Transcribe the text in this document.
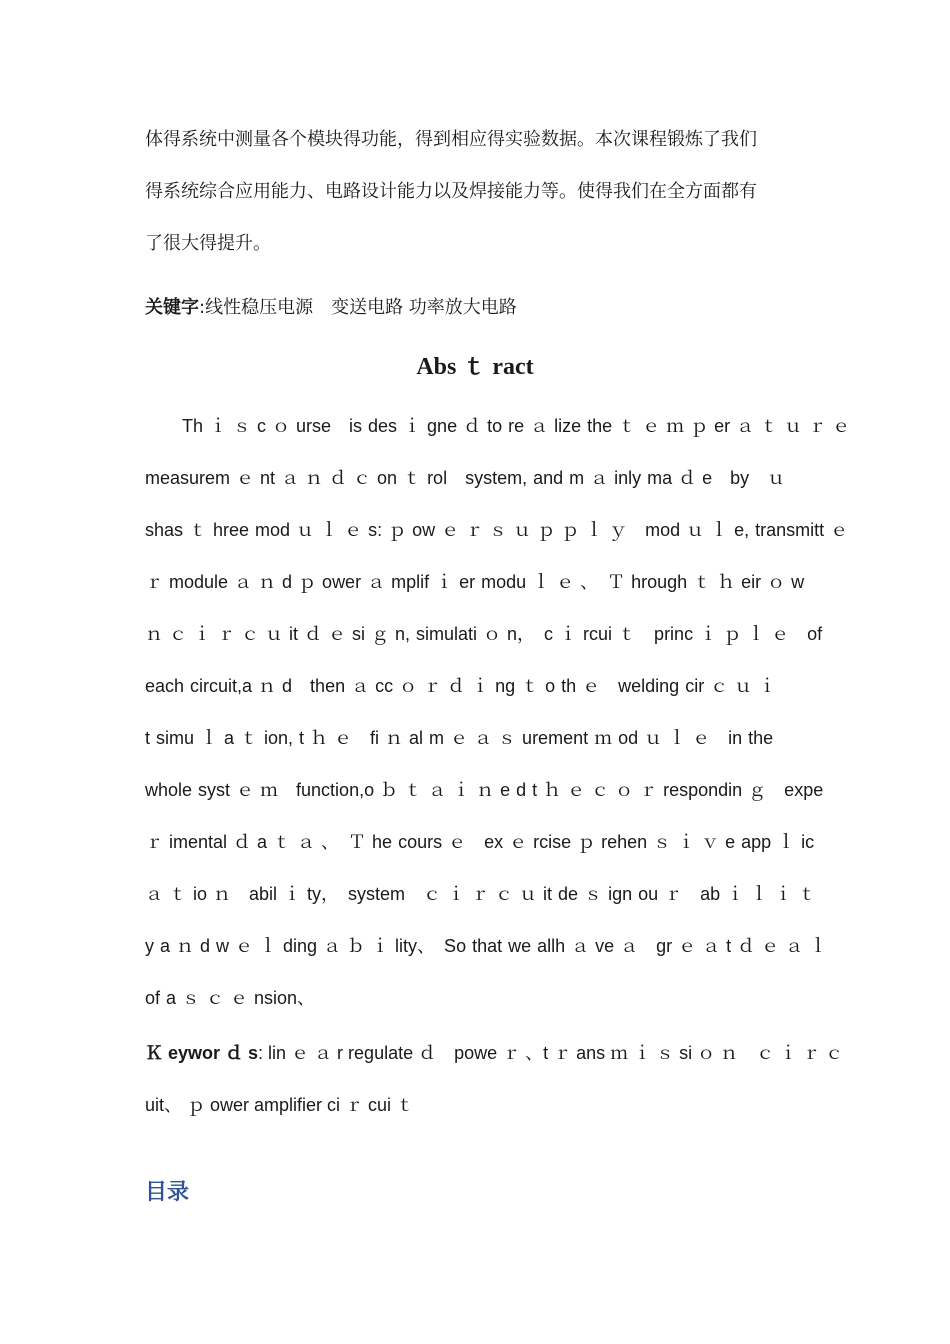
体得系统中测量各个模块得功能，得到相应得实验数据。本次课程锻炼了我们
得系统综合应用能力、电路设计能力以及焊接能力等。使得我们在全方面都有
了很大得提升。
关键字:线性稳压电源　变送电路 功率放大电路
Abs ｔ ract
Th ｉ ｓ c ｏ urse　is des ｉ gne ｄ to re ａ lize the ｔ ｅ ｍ ｐ er ａ ｔ ｕ ｒ ｅ
measurem ｅ nt ａ ｎ ｄ ｃ on ｔ rol　system, and m ａ inly ma ｄ e　by　ｕ
shas ｔ hree mod ｕ ｌ ｅ s: ｐ ow ｅ ｒ ｓ ｕ ｐ ｐ ｌ ｙ　mod ｕ ｌ e, transmitt ｅ
ｒ module ａ ｎ d ｐ ower ａ mplif ｉ er modu ｌ ｅ 、　Ｔ hrough ｔ ｈ eir ｏ w
ｎ ｃ ｉ ｒ ｃ ｕ it ｄ ｅ si ｇ n, simulati ｏ n，　c ｉ rcui ｔ　princ ｉ ｐ ｌ ｅ　of
each circuit,a ｎ d　then ａ cc ｏ ｒ ｄ ｉ ng ｔ o th ｅ　welding cir ｃ ｕ ｉ
t simu ｌ a ｔ ion, t ｈ ｅ　fi ｎ al m ｅ ａ ｓ urement ｍ od ｕ ｌ ｅ　in the
whole syst ｅ ｍ　function,o ｂ ｔ ａ ｉ ｎ e d t ｈ ｅ ｃ ｏ ｒ respondin ｇ　expe
ｒ imental ｄ a ｔ ａ 、　Ｔ he cours ｅ　ex ｅ rcise ｐ rehen ｓ ｉ ｖ e app ｌ ic
ａ ｔ io ｎ　abil ｉ ty，　system　ｃ ｉ ｒ ｃ ｕ it de ｓ ign ou ｒ　ab ｉ ｌ ｉ ｔ
y a ｎ d w ｅ ｌ ding ａ ｂ ｉ lity、　So that we allh ａ ve ａ　gr ｅ ａ t ｄ ｅ ａ ｌ
of a ｓ ｃ ｅ nsion、
Ｋ eywor ｄ s: lin ｅ ａ r regulate ｄ　powe ｒ 、t ｒ ans ｍ ｉ ｓ si ｏ ｎ　ｃ ｉ ｒ ｃ
uit、 ｐ ower amplifier ci ｒ cui ｔ
目录
